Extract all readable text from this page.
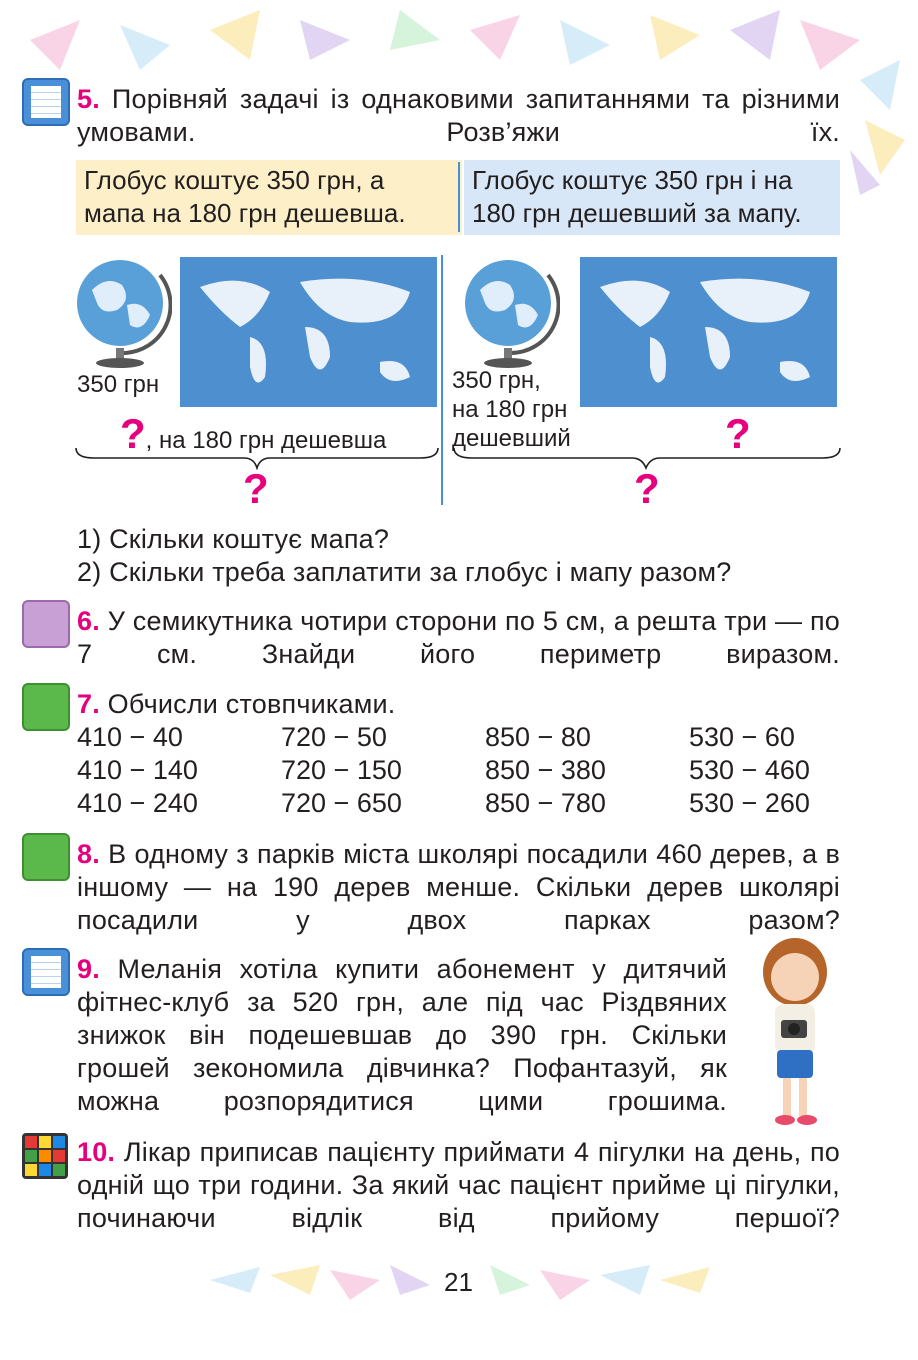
5. Порівняй задачі із однаковими запитаннями та різними умовами. Розв’яжи їх.
Глобус коштує 350 грн, а
мапа на 180 грн дешевша.
Глобус коштує 350 грн і на
180 грн дешевший за мапу.
350 грн
?, на 180 грн дешевша
?
350 грн,
на 180 грн
дешевший	?
?
1) Скільки коштує мапа?
2) Скільки треба заплатити за глобус і мапу разом?
6. У семикутника чотири сторони по 5 см, а решта три — по 7 см. Знайди його периметр виразом.
7. Обчисли стовпчиками.
410 − 40
410 − 140
410 − 240
720 − 50
720 − 150
720 − 650
850 − 80
850 − 380
850 − 780
530 − 60
530 − 460
530 − 260
8. В одному з парків міста школярі посадили 460 дерев, а в іншому — на 190 дерев менше. Скільки дерев школярі посадили у двох парках разом?
9. Меланія хотіла купити абонемент у дитячий фітнес-клуб за 520 грн, але під час Різдвяних знижок він подешевшав до 390 грн. Скільки грошей зекономила дівчинка? Пофантазуй, як можна розпорядитися цими грошима.
10. Лікар приписав пацієнту приймати 4 пігулки на день, по одній що три години. За який час пацієнт прийме ці пігулки, починаючи відлік від прийому першої?
21
